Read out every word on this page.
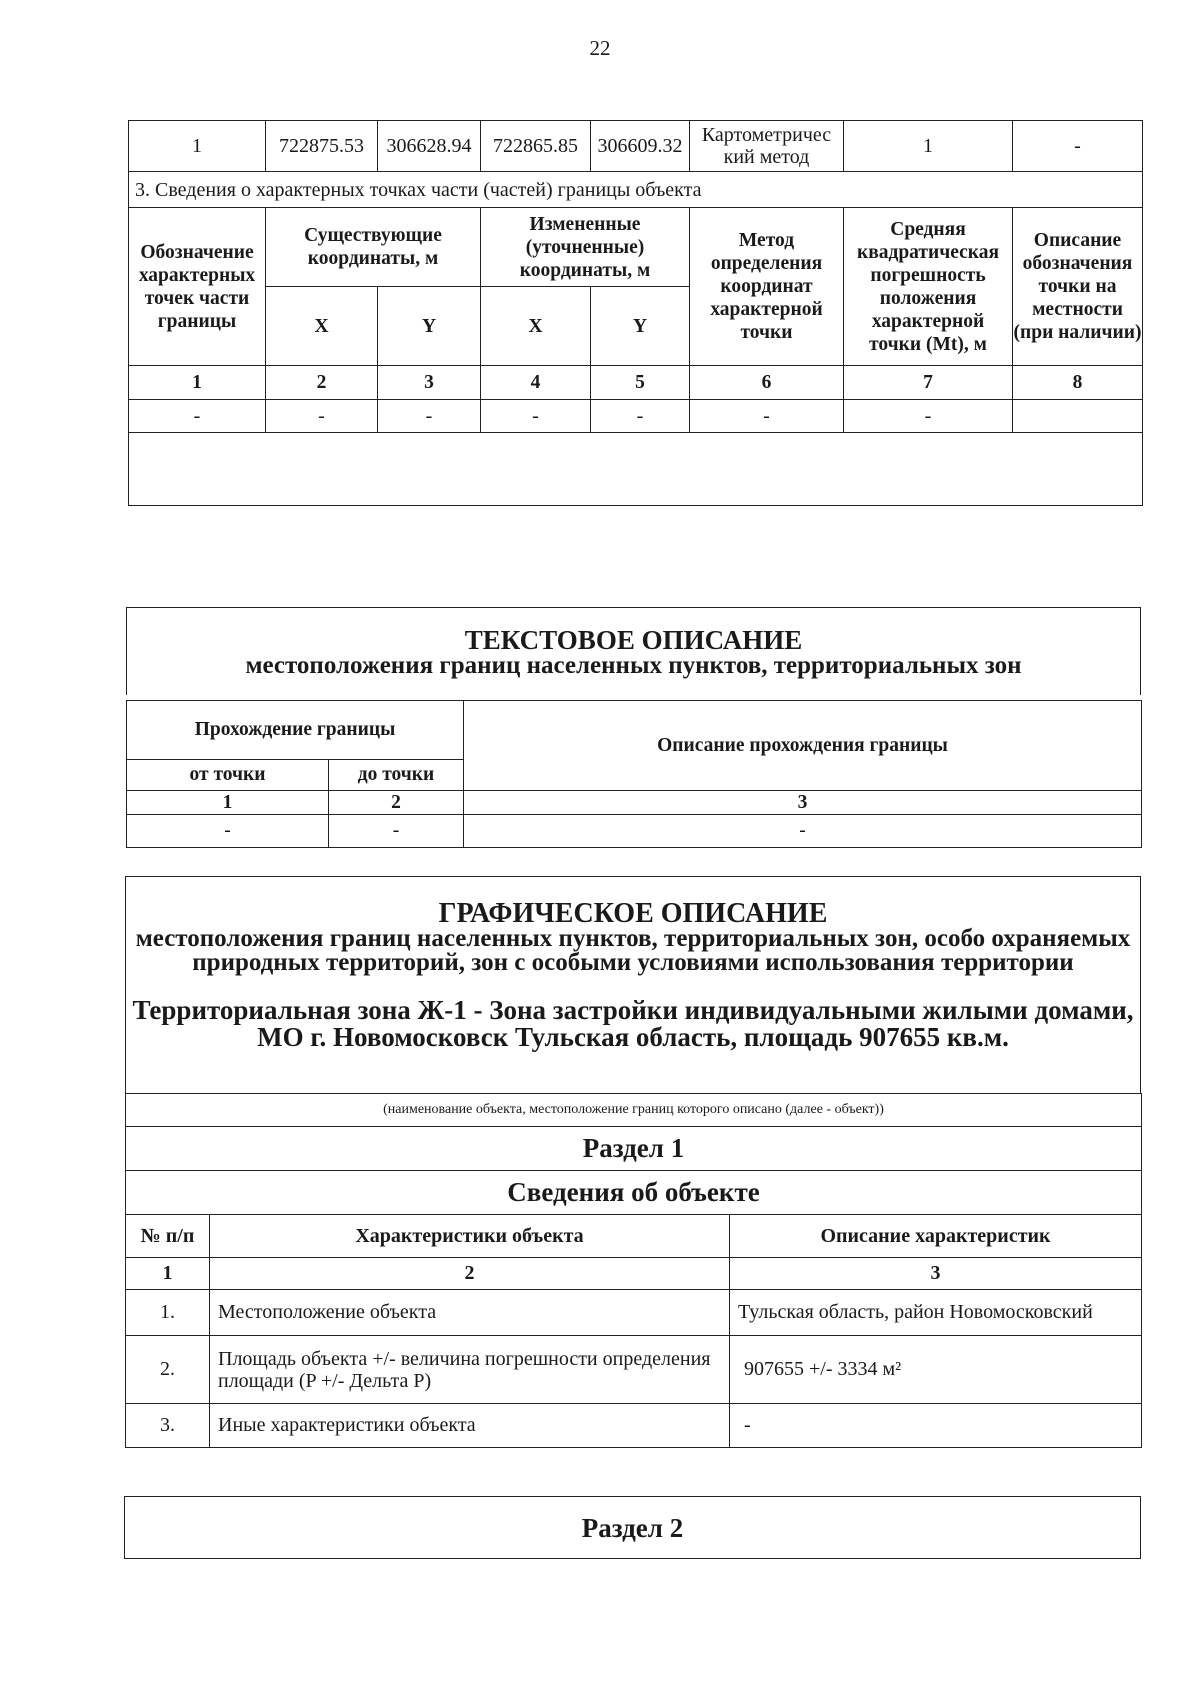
22
1	722875.53	306628.94	722865.85	306609.32	Картометричес кий метод	1	-
3. Сведения о характерных точках части (частей) границы объекта							
Обозначение характерных точек части границы	Существующие координаты, м		Измененные (уточненные) координаты, м		Метод определения координат характерной точки	Средняя квадратическая погрешность положения характерной точки (Mt), м	Описание обозначения точки на местности (при наличии)
	X	Y	X	Y			
1	2	3	4	5	6	7	8
-	-	-	-	-	-	-	

ТЕКСТОВОЕ ОПИСАНИЕ
местоположения границ населенных пунктов, территориальных зон
Прохождение границы		Описание прохождения границы
от точки	до точки	
1	2	3
-	-	-
ГРАФИЧЕСКОЕ ОПИСАНИЕ
местоположения границ населенных пунктов, территориальных зон, особо охраняемых природных территорий, зон с особыми условиями использования территории
Территориальная зона Ж-1 - Зона застройки индивидуальными жилыми домами, МО г. Новомосковск Тульская область, площадь 907655 кв.м.
(наименование объекта, местоположение границ которого описано (далее - объект))		
Раздел 1		
Сведения об объекте		
№ п/п	Характеристики объекта	Описание характеристик
1	2	3
1.	Местоположение объекта	Тульская область, район Новомосковский
2.	Площадь объекта +/- величина погрешности определения площади (P +/- Дельта P)	907655 +/- 3334 м²
3.	Иные характеристики объекта	-
Раздел 2
